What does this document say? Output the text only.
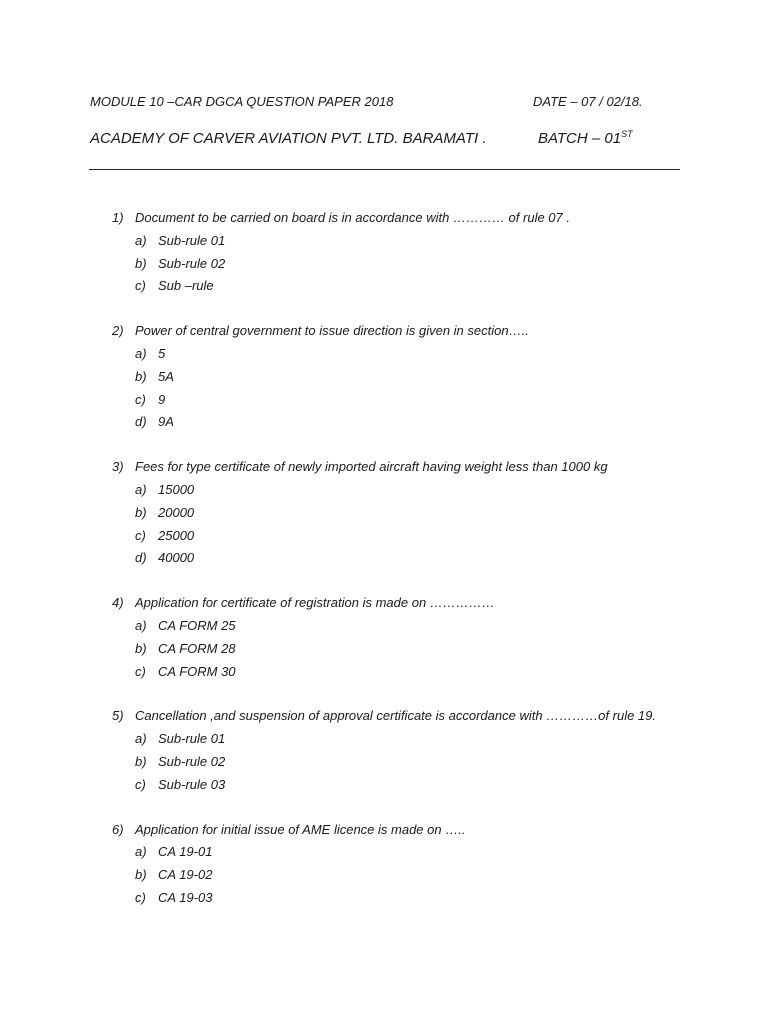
MODULE 10 –CAR DGCA QUESTION PAPER 2018	DATE – 07 / 02/18.
ACADEMY OF CARVER AVIATION PVT. LTD. BARAMATI .	BATCH – 01ST
1) Document to be carried on board is in accordance with ………… of rule 07 .
a) Sub-rule 01
b) Sub-rule 02
c) Sub –rule
2) Power of central government to issue direction is given in section…..
a) 5
b) 5A
c) 9
d) 9A
3) Fees for type certificate of newly imported aircraft having weight less than 1000 kg
a) 15000
b) 20000
c) 25000
d) 40000
4) Application for certificate of registration is made on ……………
a) CA FORM 25
b) CA FORM 28
c) CA FORM 30
5) Cancellation ,and suspension of approval certificate is accordance with …………of rule 19.
a) Sub-rule 01
b) Sub-rule 02
c) Sub-rule 03
6) Application for initial issue of AME licence is made on …..
a) CA 19-01
b) CA 19-02
c) CA 19-03
